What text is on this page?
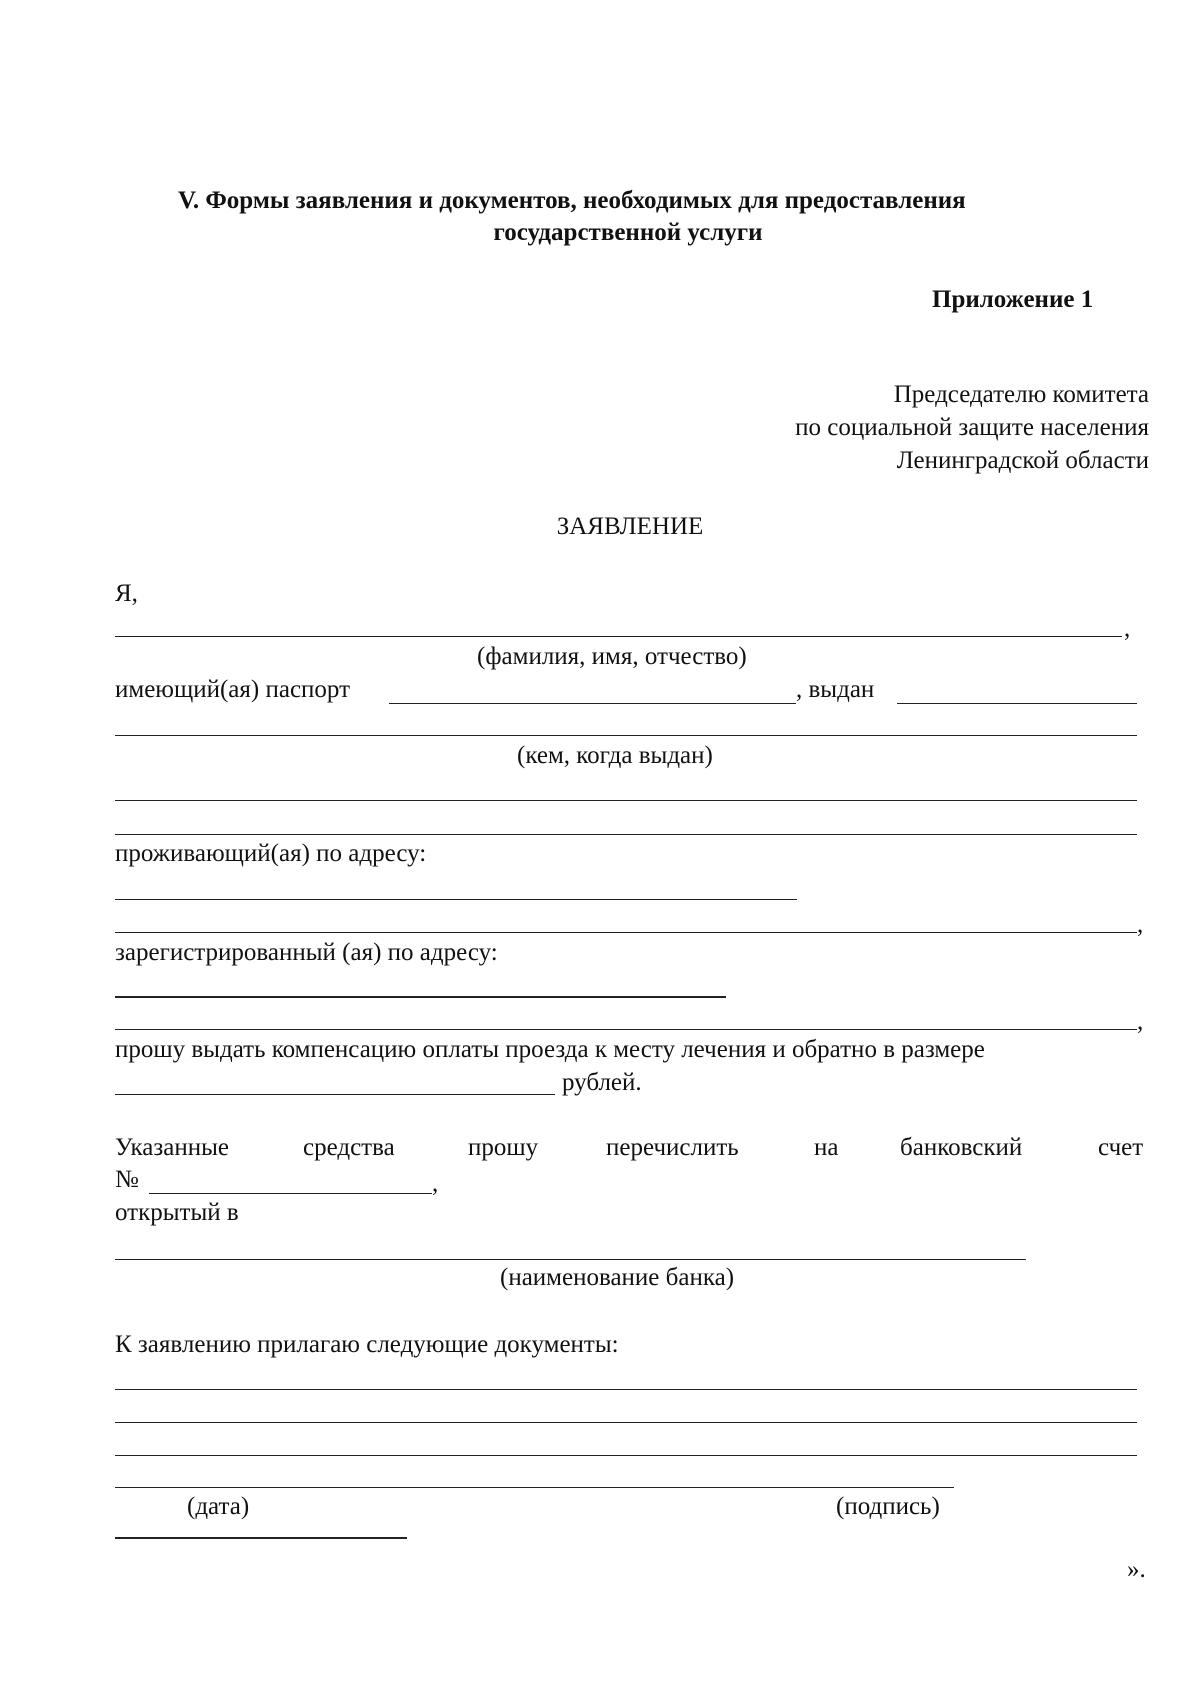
V. Формы заявления и документов, необходимых для предоставления
государственной услуги
Приложение 1
Председателю комитета
по социальной защите населения
Ленинградской области
ЗАЯВЛЕНИЕ
Я,
,
(фамилия, имя, отчество)
имеющий(ая) паспорт	, выдан
(кем, когда выдан)
проживающий(ая) по адресу:
,
зарегистрированный (ая) по адресу:
,
прошу выдать компенсацию оплаты проезда к месту лечения и обратно в размере
рублей.
Указанные	средства	прошу	перечислить	на банковский	счет
№	,
открытый в
(наименование банка)
К заявлению прилагаю следующие документы:
(дата)	(подпись)
».
